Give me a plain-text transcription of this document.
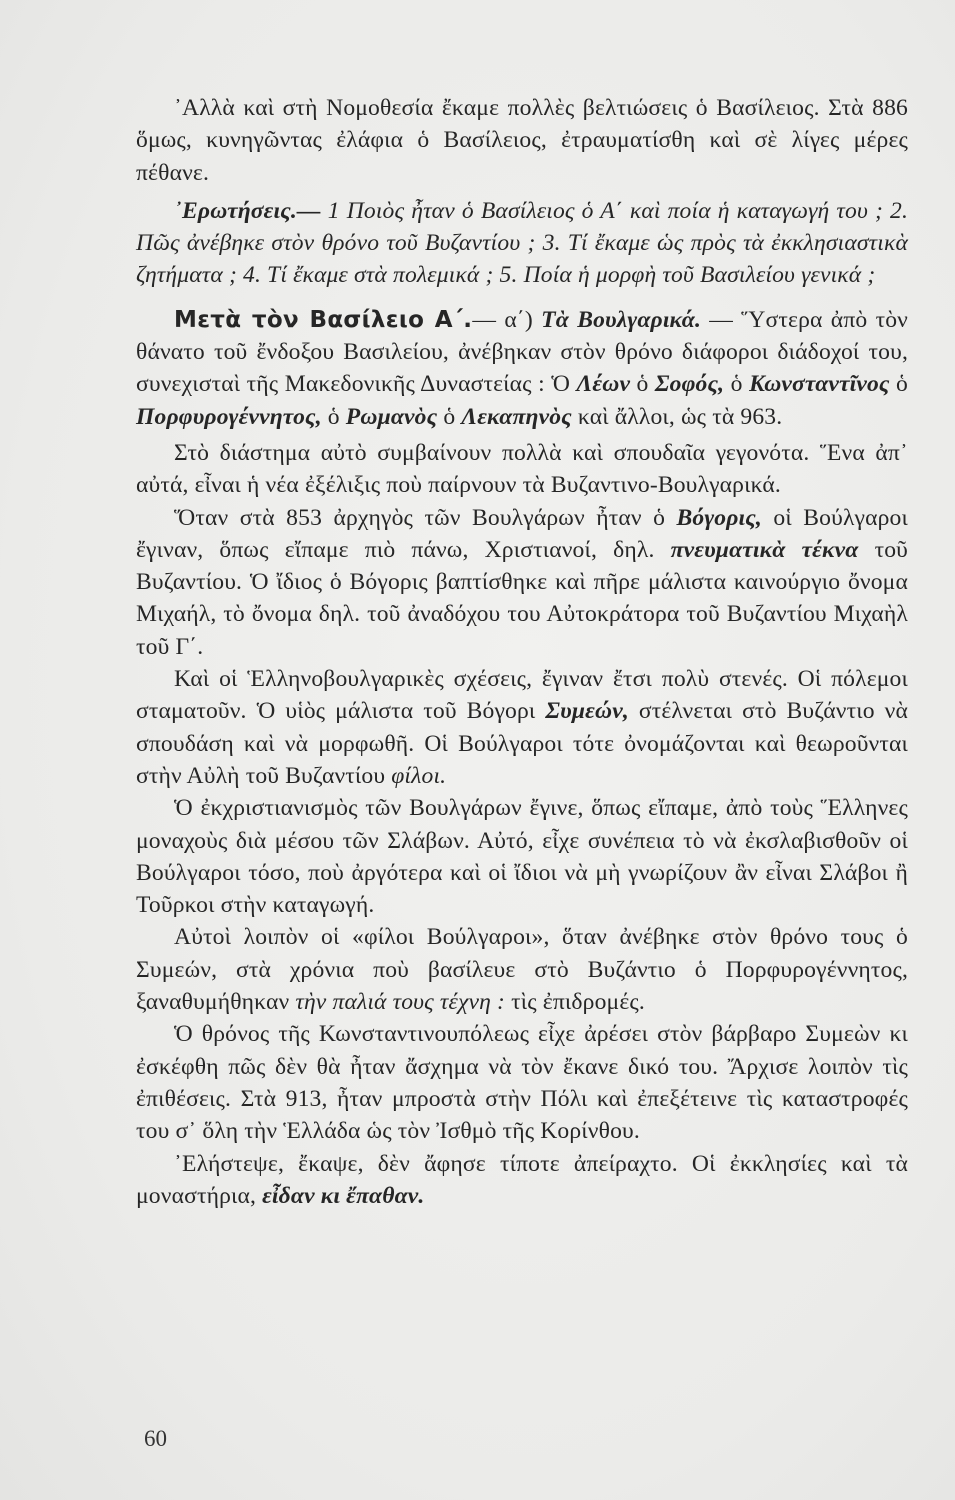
᾿Αλλὰ καὶ στὴ Νομοθεσία ἔκαμε πολλὲς βελτιώσεις ὁ Βασίλειος. Στὰ 886 ὅμως, κυνηγῶντας ἐλάφια ὁ Βασίλειος, ἐτραυματίσθη καὶ σὲ λίγες μέρες πέθανε.

᾿Ερωτήσεις.— 1 Ποιὸς ἦταν ὁ Βασίλειος ὁ Α΄ καὶ ποία ἡ καταγωγή του ; 2. Πῶς ἀνέβηκε στὸν θρόνο τοῦ Βυζαντίου ; 3. Τί ἔκαμε ὡς πρὸς τὰ ἐκκλησιαστικὰ ζητήματα ; 4. Τί ἔκαμε στὰ πολεμικά ; 5. Ποία ἡ μορφὴ τοῦ Βασιλείου γενικά ;

Μετὰ τὸν Βασίλειο Α΄.— α΄) Τὰ Βουλγαρικά. — Ὕστερα ἀπὸ τὸν θάνατο τοῦ ἔνδοξου Βασιλείου, ἀνέβηκαν στὸν θρόνο διάφοροι διάδοχοί του, συνεχισταὶ τῆς Μακεδονικῆς Δυναστείας : Ὁ Λέων ὁ Σοφός, ὁ Κωνσταντῖνος ὁ Πορφυρογέννητος, ὁ Ρωμανὸς ὁ Λεκαπηνὸς καὶ ἄλλοι, ὡς τὰ 963.

Στὸ διάστημα αὐτὸ συμβαίνουν πολλὰ καὶ σπουδαῖα γεγονότα. Ἕνα ἀπ᾿ αὐτά, εἶναι ἡ νέα ἐξέλιξις ποὺ παίρνουν τὰ Βυζαντινο-Βουλγαρικά.

Ὅταν στὰ 853 ἀρχηγὸς τῶν Βουλγάρων ἦταν ὁ Βόγορις, οἱ Βούλγαροι ἔγιναν, ὅπως εἴπαμε πιὸ πάνω, Χριστιανοί, δηλ. πνευματικὰ τέκνα τοῦ Βυζαντίου. Ὁ ἴδιος ὁ Βόγορις βαπτίσθηκε καὶ πῆρε μάλιστα καινούργιο ὄνομα Μιχαήλ, τὸ ὄνομα δηλ. τοῦ ἀναδόχου του Αὐτοκράτορα τοῦ Βυζαντίου Μιχαὴλ τοῦ Γ΄.

Καὶ οἱ Ἑλληνοβουλγαρικὲς σχέσεις, ἔγιναν ἔτσι πολὺ στενές. Οἱ πόλεμοι σταματοῦν. Ὁ υἱὸς μάλιστα τοῦ Βόγορι Συμεών, στέλνεται στὸ Βυζάντιο νὰ σπουδάση καὶ νὰ μορφωθῆ. Οἱ Βούλγαροι τότε ὀνομάζονται καὶ θεωροῦνται στὴν Αὐλὴ τοῦ Βυζαντίου φίλοι.

Ὁ ἐκχριστιανισμὸς τῶν Βουλγάρων ἔγινε, ὅπως εἴπαμε, ἀπὸ τοὺς Ἕλληνες μοναχοὺς διὰ μέσου τῶν Σλάβων. Αὐτό, εἶχε συνέπεια τὸ νὰ ἐκσλαβισθοῦν οἱ Βούλγαροι τόσο, ποὺ ἀργότερα καὶ οἱ ἴδιοι νὰ μὴ γνωρίζουν ἂν εἶναι Σλάβοι ἢ Τοῦρκοι στὴν καταγωγή.

Αὐτοὶ λοιπὸν οἱ «φίλοι Βούλγαροι», ὅταν ἀνέβηκε στὸν θρόνο τους ὁ Συμεών, στὰ χρόνια ποὺ βασίλευε στὸ Βυζάντιο ὁ Πορφυρογέννητος, ξαναθυμήθηκαν τὴν παλιά τους τέχνη : τὶς ἐπιδρομές.

Ὁ θρόνος τῆς Κωνσταντινουπόλεως εἶχε ἀρέσει στὸν βάρβαρο Συμεὼν κι ἐσκέφθη πῶς δὲν θὰ ἦταν ἄσχημα νὰ τὸν ἔκανε δικό του. Ἄρχισε λοιπὸν τὶς ἐπιθέσεις. Στὰ 913, ἦταν μπροστὰ στὴν Πόλι καὶ ἐπεξέτεινε τὶς καταστροφές του σ᾿ ὅλη τὴν Ἑλλάδα ὡς τὸν Ἰσθμὸ τῆς Κορίνθου.

᾿Ελήστεψε, ἔκαψε, δὲν ἄφησε τίποτε ἀπείραχτο. Οἱ ἐκκλησίες καὶ τὰ μοναστήρια, εἶδαν κι ἔπαθαν.

60
